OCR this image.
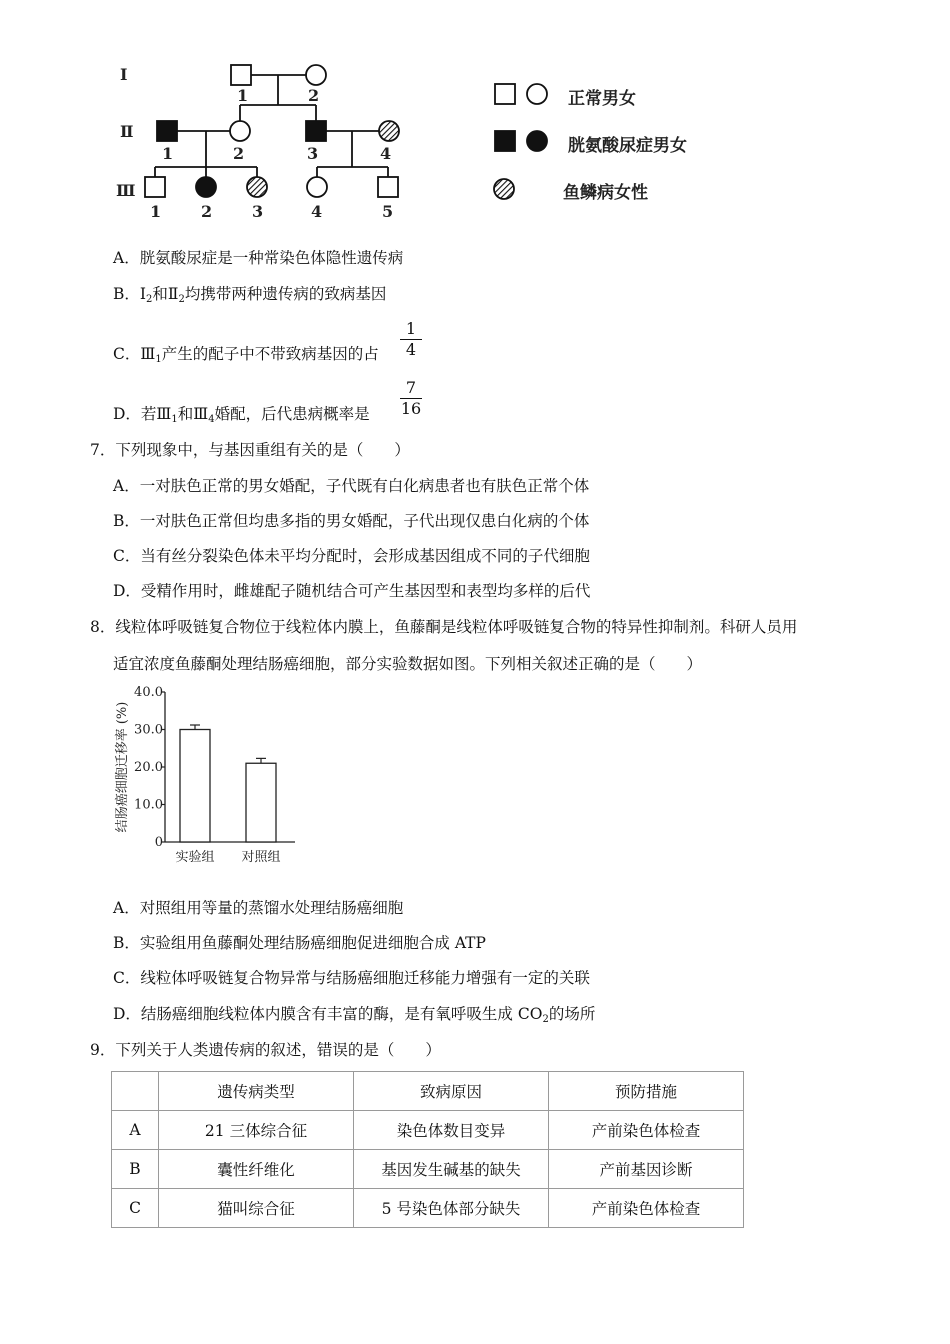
Ⅰ
Ⅱ
Ⅲ
1	2
1	2	3	4
1 2 3	4	5
正常男女
胱氨酸尿症男女
鱼鳞病女性
A．胱氨酸尿症是一种常染色体隐性遗传病
B．$Ⅰ_2$和$Ⅱ_2$均携带两种遗传病的致病基因
C．$Ⅲ_1$产生的配子中不带致病基因的占
1
4
D．若$Ⅲ_1$和$Ⅲ_4$婚配，后代患病概率是
7
16
7．下列现象中，与基因重组有关的是（　　）
A．一对肤色正常的男女婚配，子代既有白化病患者也有肤色正常个体
B．一对肤色正常但均患多指的男女婚配，子代出现仅患白化病的个体
C．当有丝分裂染色体未平均分配时，会形成基因组成不同的子代细胞
D．受精作用时，雌雄配子随机结合可产生基因型和表型均多样的后代
8．线粒体呼吸链复合物位于线粒体内膜上，鱼藤酮是线粒体呼吸链复合物的特异性抑制剂。科研人员用
适宜浓度鱼藤酮处理结肠癌细胞，部分实验数据如图。下列相关叙述正确的是（　　）
0
10.0
20.0
30.0
40.0
结肠癌细胞迁移率 (%)
实验组 对照组
A．对照组用等量的蒸馏水处理结肠癌细胞
B．实验组用鱼藤酮处理结肠癌细胞促进细胞合成 ATP
C．线粒体呼吸链复合物异常与结肠癌细胞迁移能力增强有一定的关联
D．结肠癌细胞线粒体内膜含有丰富的酶，是有氧呼吸生成 $CO_2$的场所
9．下列关于人类遗传病的叙述，错误的是（　　）
	遗传病类型	致病原因	预防措施
A	21 三体综合征	染色体数目变异	产前染色体检查
B	囊性纤维化	基因发生碱基的缺失	产前基因诊断
C	猫叫综合征	5 号染色体部分缺失	产前染色体检查
